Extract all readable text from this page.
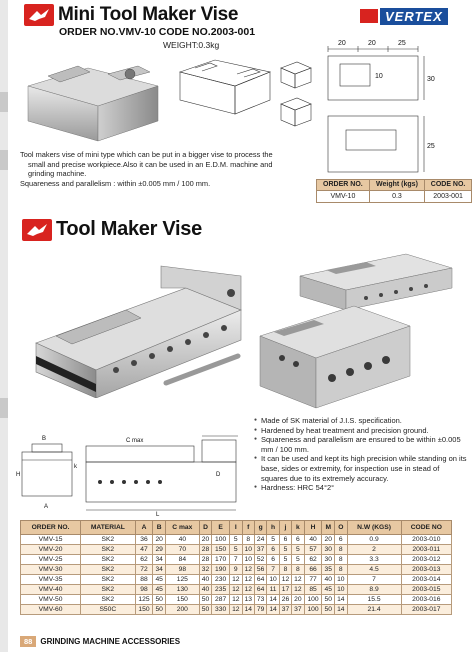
Mini Tool Maker Vise	VERTEX
ORDER NO.VMV-10 CODE NO.2003-001
WEIGHT:0.3kg	20	20	25
10	30
25
Tool makers vise of mini type which can be put in a bigger vise to process the
small and precise workpiece.Also it can be used in an E.D.M. machine and
grinding machine.
Squareness and parallelism : within ±0.005 mm / 100 mm.	ORDER NO.	Weight (kgs)	CODE NO.
VMV-10	0.3	2003-001
Tool Maker Vise
B
H
k
A
C max
L
D
● Made of SK material of J.I.S. specification.
● Hardened by heat treatment and precision ground.
● Squareness and parallelism are ensured to be within ±0.005 mm / 100 mm.
● It can be used and kept its high precision while standing on its base, sides or extremity, for inspection use in stead of squares due to its extremely accuracy.
● Hardness: HRC 54°2°
ORDER NO.	MATERIAL	A	B	C max	D	E	I	f	g	h	j	k	H	M	O	N.W (KGS)	CODE NO
VMV-15	SK2	36	20	40	20	100	5	8	24	5	6	6	40	20	6	0.9	2003-010
VMV-20	SK2	47	29	70	28	150	5	10	37	6	5	5	57	30	8	2	2003-011
VMV-25	SK2	62	34	84	28	170	7	10	52	6	5	5	62	30	8	3.3	2003-012
VMV-30	SK2	72	34	98	32	190	9	12	56	7	8	8	66	35	8	4.5	2003-013
VMV-35	SK2	88	45	125	40	230	12	12	64	10	12	12	77	40	10	7	2003-014
VMV-40	SK2	98	45	130	40	235	12	12	64	11	17	12	85	45	10	8.9	2003-015
VMV-50	SK2	125	50	150	50	287	12	13	73	14	26	20	100	50	14	15.5	2003-016
VMV-60	S50C	150	50	200	50	330	12	14	79	14	37	37	100	50	14	21.4	2003-017
88	GRINDING MACHINE ACCESSORIES
